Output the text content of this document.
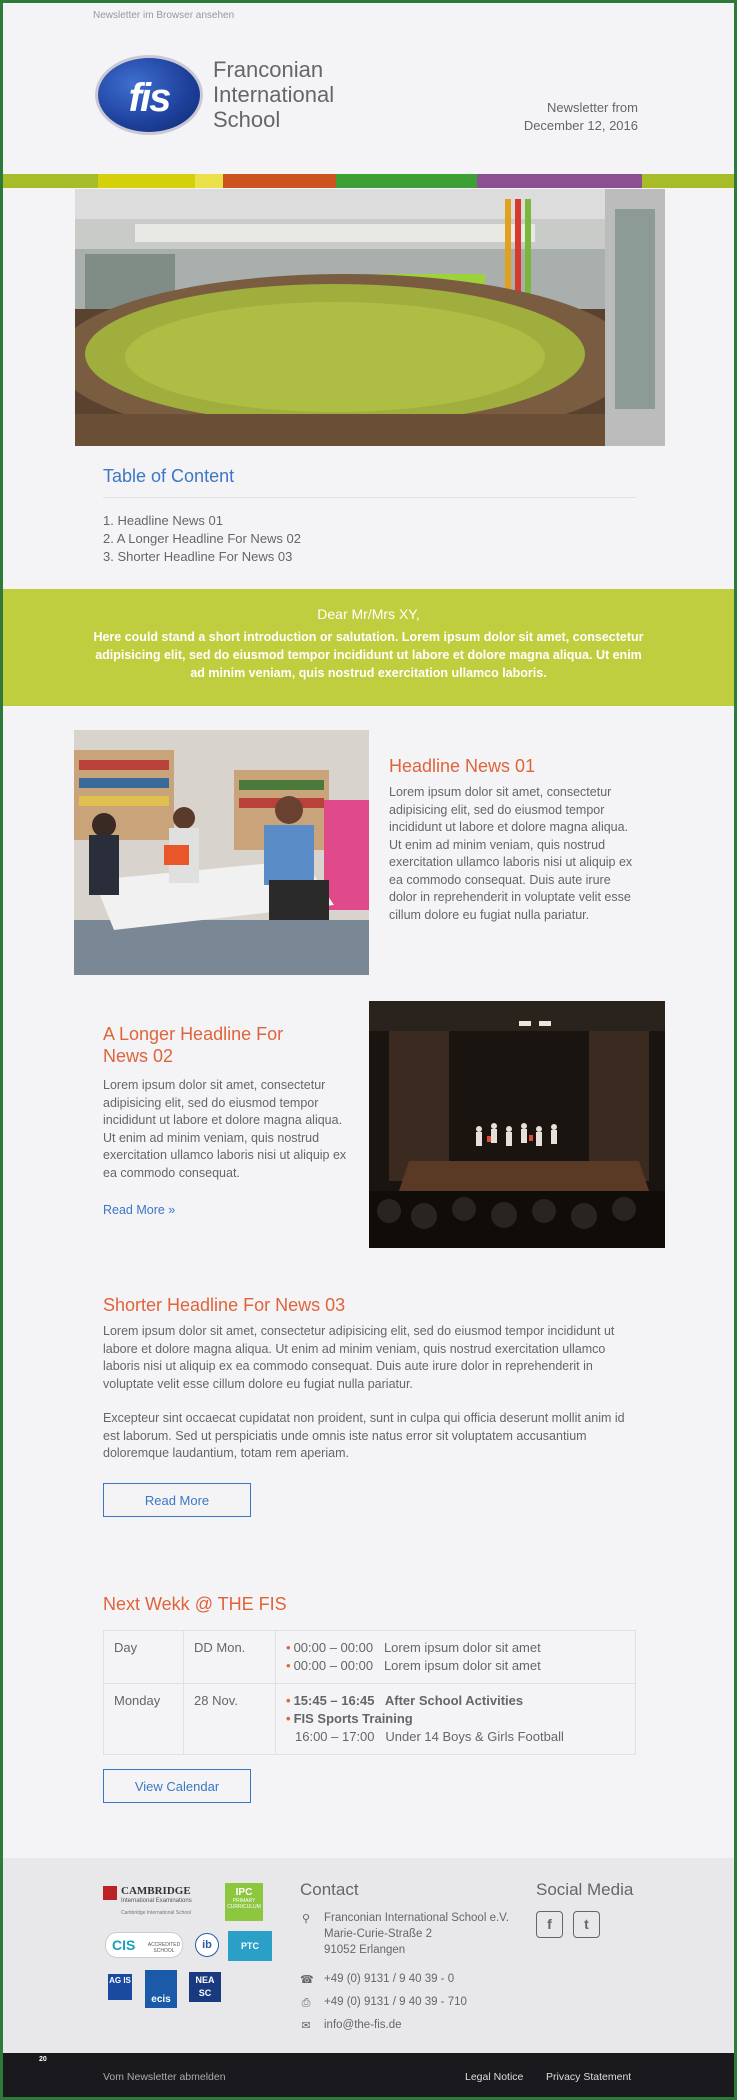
Newsletter im Browser ansehen
fis
Franconian
International
School	Newsletter from
December 12, 2016
Table of Content
1. Headline News 01
2. A Longer Headline For News 02
3. Shorter Headline For News 03
Dear Mr/Mrs XY,
Here could stand a short introduction or salutation. Lorem ipsum dolor sit amet, consectetur adipisicing elit, sed do eiusmod tempor incididunt ut labore et dolore magna aliqua. Ut enim ad minim veniam, quis nostrud exercitation ullamco laboris.
Headline News 01
Lorem ipsum dolor sit amet, consectetur adipisicing elit, sed do eiusmod tempor incididunt ut labore et dolore magna aliqua. Ut enim ad minim veniam, quis nostrud exercitation ullamco laboris nisi ut aliquip ex ea commodo consequat. Duis aute irure dolor in reprehenderit in voluptate velit esse cillum dolore eu fugiat nulla pariatur.
A Longer Headline For News 02
Lorem ipsum dolor sit amet, consectetur adipisicing elit, sed do eiusmod tempor incididunt ut labore et dolore magna aliqua. Ut enim ad minim veniam, quis nostrud exercitation ullamco laboris nisi ut aliquip ex ea commodo consequat.
Read More »
Shorter Headline For News 03
Lorem ipsum dolor sit amet, consectetur adipisicing elit, sed do eiusmod tempor incididunt ut labore et dolore magna aliqua. Ut enim ad minim veniam, quis nostrud exercitation ullamco laboris nisi ut aliquip ex ea commodo consequat. Duis aute irure dolor in reprehenderit in voluptate velit esse cillum dolore eu fugiat nulla pariatur.
Excepteur sint occaecat cupidatat non proident, sunt in culpa qui officia deserunt mollit anim id est laborum. Sed ut perspiciatis unde omnis iste natus error sit voluptatem accusantium doloremque laudantium, totam rem aperiam.
Read More
Next Wekk @ THE FIS
Day	DD Mon.	• 00:00 – 00:00 Lorem ipsum dolor sit amet
• 00:00 – 00:00 Lorem ipsum dolor sit amet

Monday	28 Nov.	• 15:45 – 16:45 After School Activities
• FIS Sports Training
16:00 – 17:00 Under 14 Boys & Girls Football
View Calendar
CAMBRIDGE
International Examinations
Cambridge International School
IPC
PRIMARY CURRICULUM
CIS	ACCREDITED SCHOOL	ib	PTC
AG IS
ecis
NEA SC
Contact
⚲ Franconian International School e.V.
Marie-Curie-Straße 2
91052 Erlangen
☎ +49 (0) 9131 / 9 40 39 - 0
⎙ +49 (0) 9131 / 9 40 39 - 710
✉ info@the-fis.de
Social Media
f	t
20
Vom Newsletter abmelden	Legal Notice Privacy Statement
